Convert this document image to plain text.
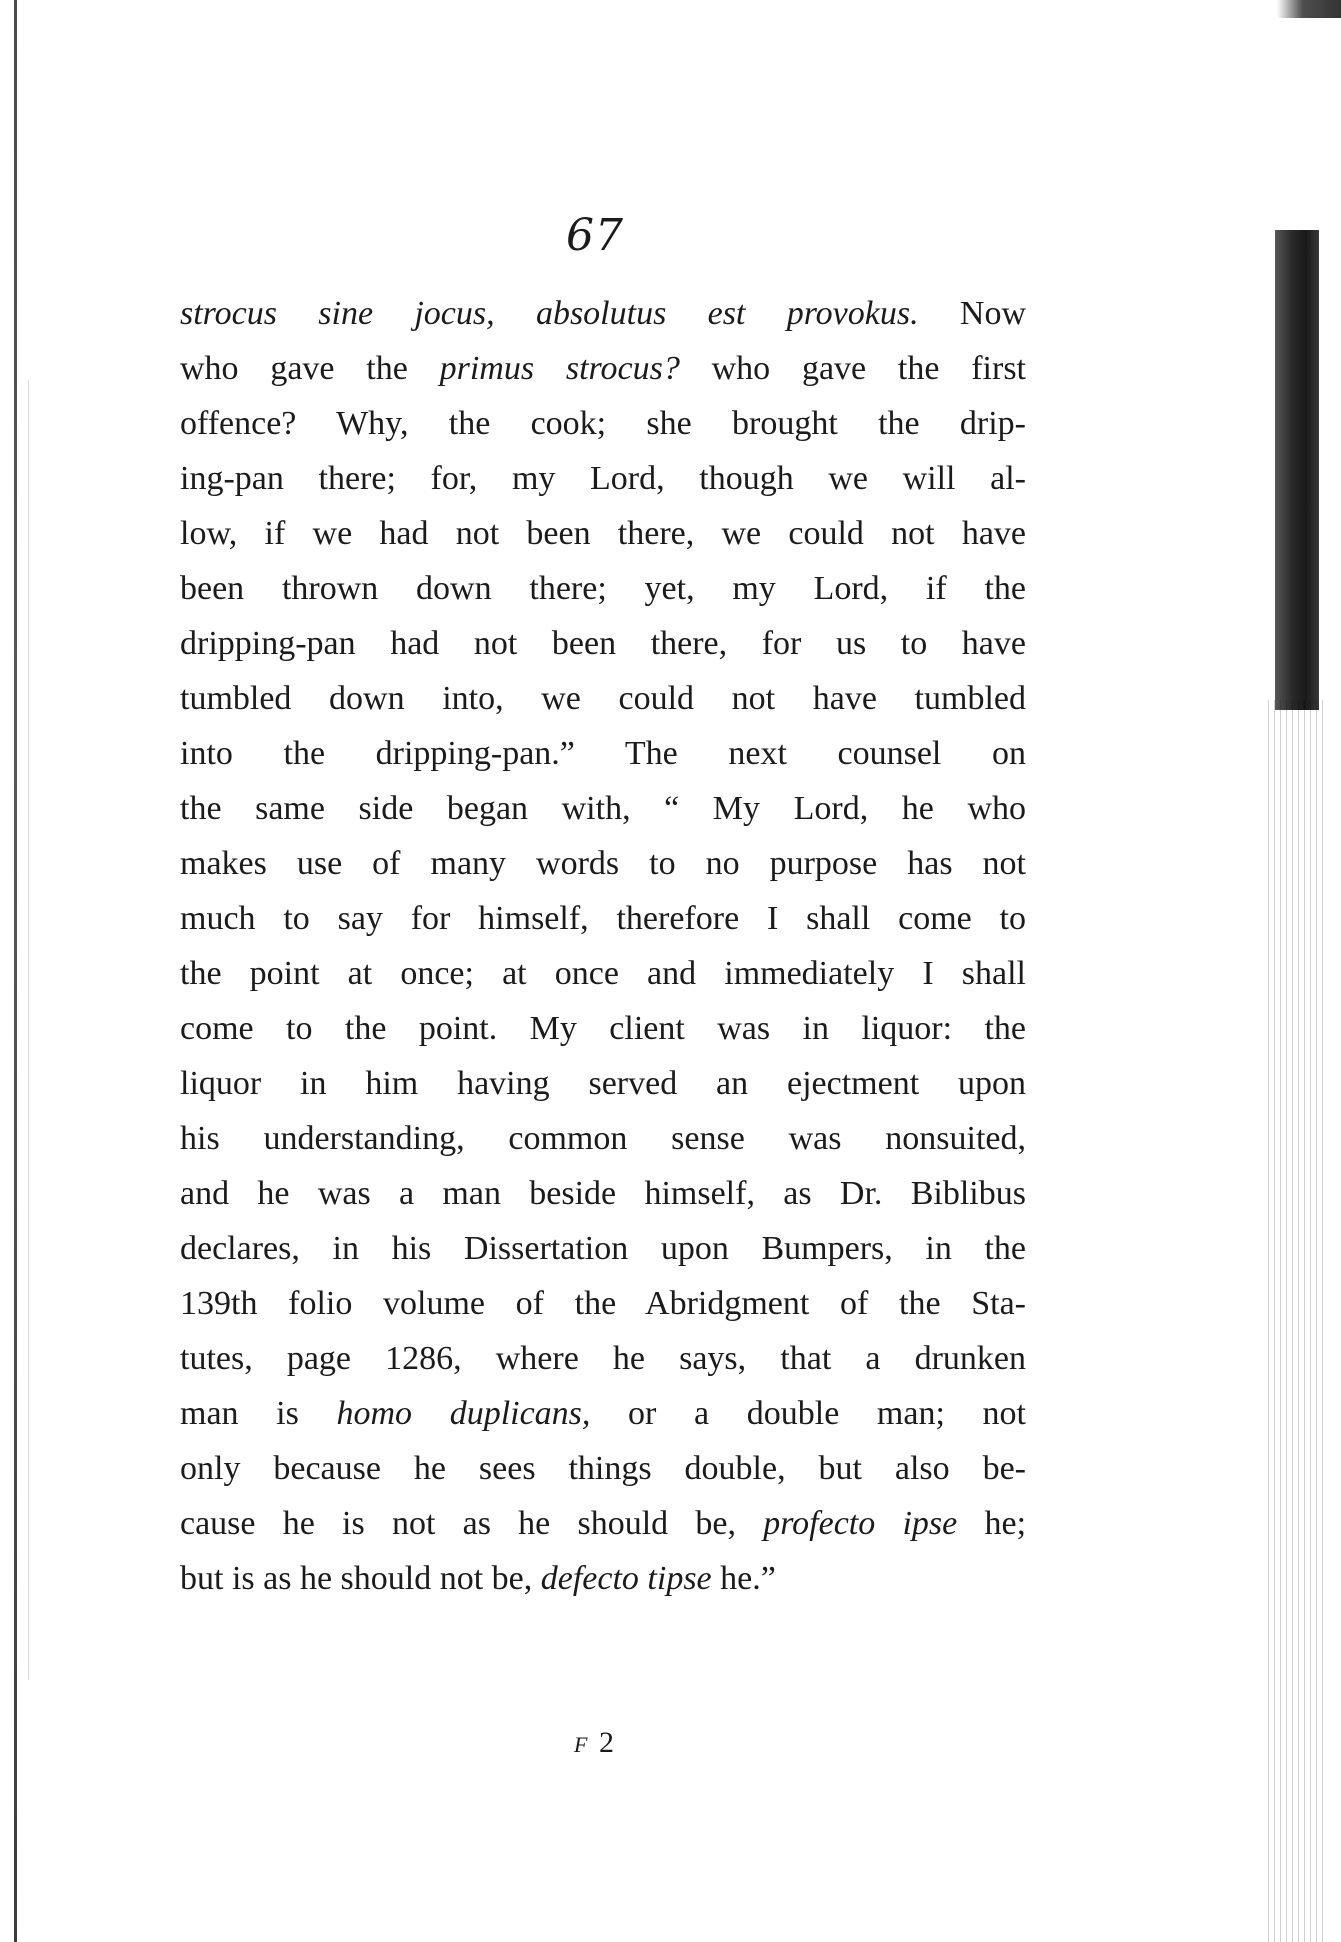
67
strocus sine jocus, absolutus est provokus. Now
who gave the primus strocus? who gave the first
offence? Why, the cook; she brought the drip-
ing-pan there; for, my Lord, though we will al-
low, if we had not been there, we could not have
been thrown down there; yet, my Lord, if the
dripping-pan had not been there, for us to have
tumbled down into, we could not have tumbled
into the dripping-pan.” The next counsel on
the same side began with, “ My Lord, he who
makes use of many words to no purpose has not
much to say for himself, therefore I shall come to
the point at once; at once and immediately I shall
come to the point. My client was in liquor: the
liquor in him having served an ejectment upon
his understanding, common sense was nonsuited,
and he was a man beside himself, as Dr. Biblibus
declares, in his Dissertation upon Bumpers, in the
139th folio volume of the Abridgment of the Sta-
tutes, page 1286, where he says, that a drunken
man is homo duplicans, or a double man; not
only because he sees things double, but also be-
cause he is not as he should be, profecto ipse he;
but is as he should not be, defecto tipse he.”
F 2
